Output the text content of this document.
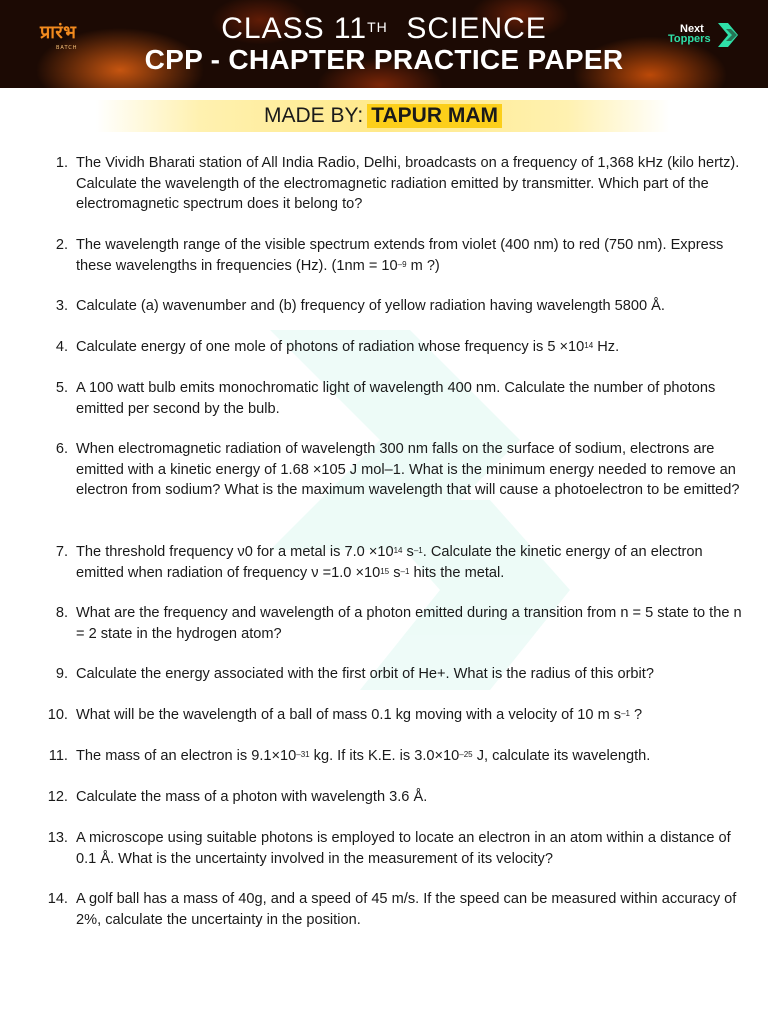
प्रारंभ
BATCH
CLASS 11TH SCIENCE
CPP - CHAPTER PRACTICE PAPER
Next
Toppers
MADE BY: TAPUR MAM
1. The Vividh Bharati station of All India Radio, Delhi, broadcasts on a frequency of 1,368 kHz (kilo hertz). Calculate the wavelength of the electromagnetic radiation emitted by transmitter. Which part of the electromagnetic spectrum does it belong to?
2. The wavelength range of the visible spectrum extends from violet (400 nm) to red (750 nm). Express these wavelengths in frequencies (Hz). ($1nm = 10^{-9}$ m ?)
3. Calculate (a) wavenumber and (b) frequency of yellow radiation having wavelength 5800 Å.
4. Calculate energy of one mole of photons of radiation whose frequency is $5 \times 10^{14}$ Hz.
5. A 100 watt bulb emits monochromatic light of wavelength 400 nm. Calculate the number of photons emitted per second by the bulb.
6. When electromagnetic radiation of wavelength 300 nm falls on the surface of sodium, electrons are emitted with a kinetic energy of 1.68 ×105 J mol–1. What is the minimum energy needed to remove an electron from sodium? What is the maximum wavelength that will cause a photoelectron to be emitted?
7. The threshold frequency ν0 for a metal is $7.0 \times 10^{14}$ $s^{-1}$. Calculate the kinetic energy of an electron emitted when radiation of frequency $\nu =1.0 \times 10^{15}$ $s^{-1}$ hits the metal.
8. What are the frequency and wavelength of a photon emitted during a transition from n = 5 state to the n = 2 state in the hydrogen atom?
9. Calculate the energy associated with the first orbit of He+. What is the radius of this orbit?
10. What will be the wavelength of a ball of mass 0.1 kg moving with a velocity of 10 m $s^{-1}$ ?
11. The mass of an electron is $9.1\times 10^{-31}$ kg. If its K.E. is $3.0\times 10^{-25}$ J, calculate its wavelength.
12. Calculate the mass of a photon with wavelength 3.6 Å.
13. A microscope using suitable photons is employed to locate an electron in an atom within a distance of 0.1 Å. What is the uncertainty involved in the measurement of its velocity?
14. A golf ball has a mass of 40g, and a speed of 45 m/s. If the speed can be measured within accuracy of 2%, calculate the uncertainty in the position.
